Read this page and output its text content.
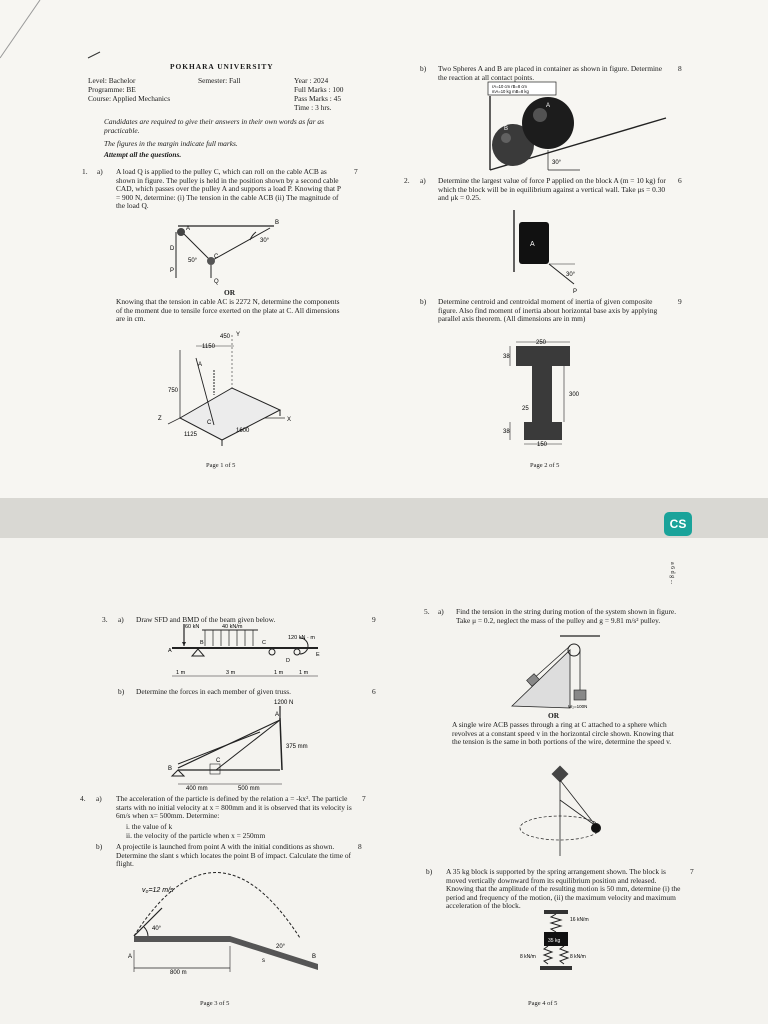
POKHARA UNIVERSITY
Level: Bachelor	Semester: Fall	Year : 2024
Programme: BE	Full Marks : 100
Course: Applied Mechanics	Pass Marks : 45
Time : 3 hrs.
Candidates are required to give their answers in their own words as far as practicable.
The figures in the margin indicate full marks.
Attempt all the questions.
1. a) A load Q is applied to the pulley C, which can roll on the cable ACB as shown in figure. The pulley is held in the position shown by a second cable CAD, which passes over the pulley A and supports a load P. Knowing that P = 900 N, determine: (i) The tension in the cable ACB (ii) The magnitude of the load Q.
7
A
B
C
D
P
Q
50°
30°
OR
Knowing that the tension in cable AC is 2272 N, determine the components of the moment due to tensile force exerted on the plate at C. All dimensions are in cm.
1150
450 Y
A
750
Z
C	X
1125
1600
Page 1 of 5
b) Two Spheres A and B are placed in container as shown in figure. Determine the reaction at all contact points.
8
rA=10 cm rB=8 cm
mA=10 kg mB=8 kg
A
B
30°
2. a) Determine the largest value of force P applied on the block A (m = 10 kg) for which the block will be in equilibrium against a vertical wall. Take μs = 0.30 and μk = 0.25.
6
A
30°
P
b) Determine centroid and centroidal moment of inertia of given composite figure. Also find moment of inertia about horizontal base axis by applying parallel axis theorem. (All dimensions are in mm)
9
250
38
300
25
38
150
Page 2 of 5
CS
3. a) Draw SFD and BMD of the beam given below.	9
60 kN	40 kN/m
120 kN · m
A
B	C
D
E
1 m	3 m	1 m	1 m
b) Determine the forces in each member of given truss.	6
1200 N
A
B
C
375 mm
400 mm	500 mm
4. a) The acceleration of the particle is defined by the relation a = -kx². The particle starts with no initial velocity at x = 800mm and it is observed that its velocity is 6m/s when x= 500mm. Determine:
7
i. the value of k
ii. the velocity of the particle when x = 250mm
b) A projectile is launched from point A with the initial conditions as shown. Determine the slant s which locates the point B of impact. Calculate the time of flight.
8
v₀=12 m/s
40°
20°
800 m
A	B
s
Page 3 of 5
5. a) Find the tension in the string during motion of the system shown in figure. Take μ = 0.2, neglect the mass of the pulley and g = 9.81 m/s² pulley.
W₂=100N
OR
A single wire ACB passes through a ring at C attached to a sphere which revolves at a constant speed v in the horizontal circle shown. Knowing that the tension is the same in both portions of the wire, determine the speed v.
b) A 35 kg block is supported by the spring arrangement shown. The block is moved vertically downward from its equilibrium position and released. Knowing that the amplitude of the resulting motion is 50 mm, determine (i) the period and frequency of the motion, (ii) the maximum velocity and maximum acceleration of the block.
7
16 kN/m
35 kg
8 kN/m	8 kN/m
Page 4 of 5
a 6 d g ...
